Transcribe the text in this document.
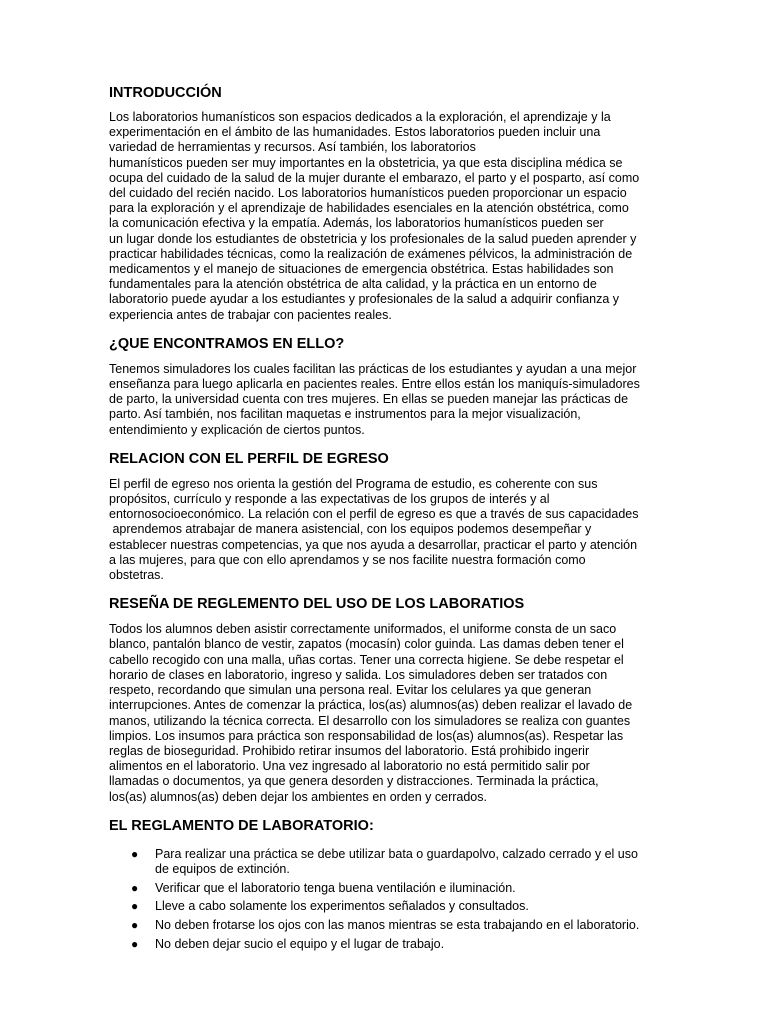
INTRODUCCIÓN

Los laboratorios humanísticos son espacios dedicados a la exploración, el aprendizaje y la

experimentación en el ámbito de las humanidades. Estos laboratorios pueden incluir una

variedad de herramientas y recursos. Así también, los laboratorios

humanísticos pueden ser muy importantes en la obstetricia, ya que esta disciplina médica se

ocupa del cuidado de la salud de la mujer durante el embarazo, el parto y el posparto, así como

del cuidado del recién nacido. Los laboratorios humanísticos pueden proporcionar un espacio

para la exploración y el aprendizaje de habilidades esenciales en la atención obstétrica, como

la comunicación efectiva y la empatía. Además, los laboratorios humanísticos pueden ser

un lugar donde los estudiantes de obstetricia y los profesionales de la salud pueden aprender y

practicar habilidades técnicas, como la realización de exámenes pélvicos, la administración de

medicamentos y el manejo de situaciones de emergencia obstétrica. Estas habilidades son

fundamentales para la atención obstétrica de alta calidad, y la práctica en un entorno de

laboratorio puede ayudar a los estudiantes y profesionales de la salud a adquirir confianza y

experiencia antes de trabajar con pacientes reales.

¿QUE ENCONTRAMOS EN ELLO?

Tenemos simuladores los cuales facilitan las prácticas de los estudiantes y ayudan a una mejor

enseñanza para luego aplicarla en pacientes reales. Entre ellos están los maniquís-simuladores

de parto, la universidad cuenta con tres mujeres. En ellas se pueden manejar las prácticas de

parto. Así también, nos facilitan maquetas e instrumentos para la mejor visualización,

entendimiento y explicación de ciertos puntos.

RELACION CON EL PERFIL DE EGRESO

El perfil de egreso nos orienta la gestión del Programa de estudio, es coherente con sus

propósitos, currículo y responde a las expectativas de los grupos de interés y al

entornosocioeconómico. La relación con el perfil de egreso es que a través de sus capacidades

aprendemos atrabajar de manera asistencial, con los equipos podemos desempeñar y

establecer nuestras competencias, ya que nos ayuda a desarrollar, practicar el parto y atención

a las mujeres, para que con ello aprendamos y se nos facilite nuestra formación como

obstetras.

RESEÑA DE REGLEMENTO DEL USO DE LOS LABORATIOS

Todos los alumnos deben asistir correctamente uniformados, el uniforme consta de un saco

blanco, pantalón blanco de vestir, zapatos (mocasín) color guinda. Las damas deben tener el

cabello recogido con una malla, uñas cortas. Tener una correcta higiene. Se debe respetar el

horario de clases en laboratorio, ingreso y salida. Los simuladores deben ser tratados con

respeto, recordando que simulan una persona real. Evitar los celulares ya que generan

interrupciones. Antes de comenzar la práctica, los(as) alumnos(as) deben realizar el lavado de

manos, utilizando la técnica correcta. El desarrollo con los simuladores se realiza con guantes

limpios. Los insumos para práctica son responsabilidad de los(as) alumnos(as). Respetar las

reglas de bioseguridad. Prohibido retirar insumos del laboratorio. Está prohibido ingerir

alimentos en el laboratorio. Una vez ingresado al laboratorio no está permitido salir por

llamadas o documentos, ya que genera desorden y distracciones. Terminada la práctica,

los(as) alumnos(as) deben dejar los ambientes en orden y cerrados.

EL REGLAMENTO DE LABORATORIO:
● Para realizar una práctica se debe utilizar bata o guardapolvo, calzado cerrado y el uso
de equipos de extinción.
● Verificar que el laboratorio tenga buena ventilación e iluminación.
● Lleve a cabo solamente los experimentos señalados y consultados.
● No deben frotarse los ojos con las manos mientras se esta trabajando en el laboratorio.
● No deben dejar sucio el equipo y el lugar de trabajo.
